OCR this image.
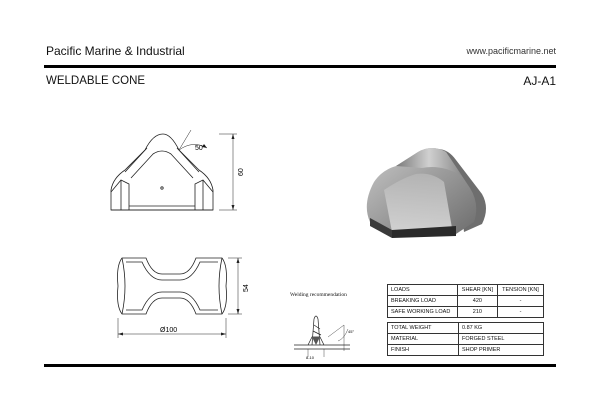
Pacific Marine & Industrial	www.pacificmarine.net
WELDABLE CONE	AJ-A1
50°
60
54
Ø100
Welding recommendation
8-10
45°
LOADS	SHEAR [KN]	TENSION [KN]
BREAKING LOAD	420	-
SAFE WORKING LOAD	210	-
TOTAL WEIGHT	0.87 KG
MATERIAL	FORGED STEEL
FINISH	SHOP PRIMER
